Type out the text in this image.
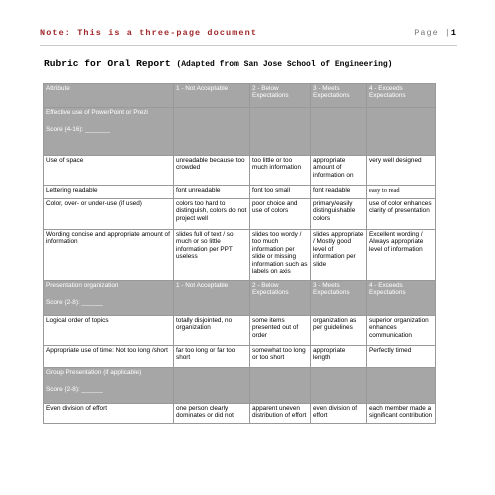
Note: This is a three-page document	Page |1
Rubric for Oral Report (Adapted from San Jose School of Engineering)
Attribute	1 - Not Acceptable	2 - Below Expectations	3 - Meets Expectations	4 - Exceeds Expectations
Effective use of PowerPoint or Prezi
Score (4-16): _______				

Use of space	unreadable because too crowded	too little or too much information	appropriate amount of information on	very well designed
Lettering readable	font unreadable	font too small	font readable	easy to read
Color, over- or under-use (if used)	colors too hard to distinguish, colors do not project well	poor choice and use of colors	primary/easily distinguishable colors	use of color enhances clarity of presentation
Wording concise and appropriate amount of information	slides full of text / so much or so little information per PPT useless	slides too wordy / too much information per slide or missing information such as labels on axis	slides appropriate / Mostly good level of information per slide	Excellent wording / Always appropriate level of information
Presentation organization
Score (2-8): ______	1 - Not Acceptable	2 - Below Expectations	3 - Meets Expectations	4 - Exceeds Expectations
Logical order of topics	totally disjointed, no organization	some items presented out of order	organization as per guidelines	superior organization enhances communication
Appropriate use of time: Not too long /short	far too long or far too short	somewhat too long or too short	appropriate length	Perfectly timed
Group Presentation (if applicable)
Score (2-8): ______				

Even division of effort	one person clearly dominates or did not	apparent uneven distribution of effort	even division of effort	each member made a significant contribution
